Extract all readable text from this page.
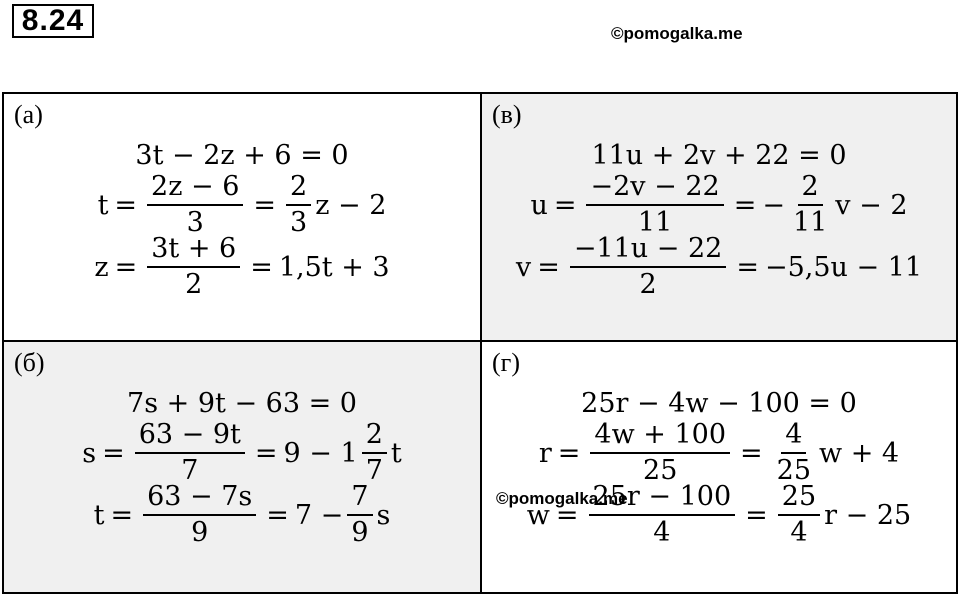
8.24	©pomogalka.me
(а)
3t − 2z + 6 = 0
$t = \frac{2z - 6}{3} = \frac{2}{3}$ z − 2
$z = \frac{3t + 6}{2} = 1,5t + 3$
(в)
11u + 2v + 22 = 0
$u = \frac{-2v - 22}{11}$ = − $\frac{2}{11}$ v − 2
$v = \frac{-11u - 22}{2} = -5,5u - 11$
(б)
7s + 9t − 63 = 0
$s = \frac{63 - 9t}{7} = 9 - 1 \frac{2}{7}$ t
$t = \frac{63 - 7s}{9} = 7 - \frac{7}{9}$ s
(г)
25r − 4w − 100 = 0
$r = \frac{4w + 100}{25} = \frac{4}{25}$ w + 4
$w = \frac{25r - 100}{4} = \frac{25}{4}$ r − 25
©pomogalka.me
